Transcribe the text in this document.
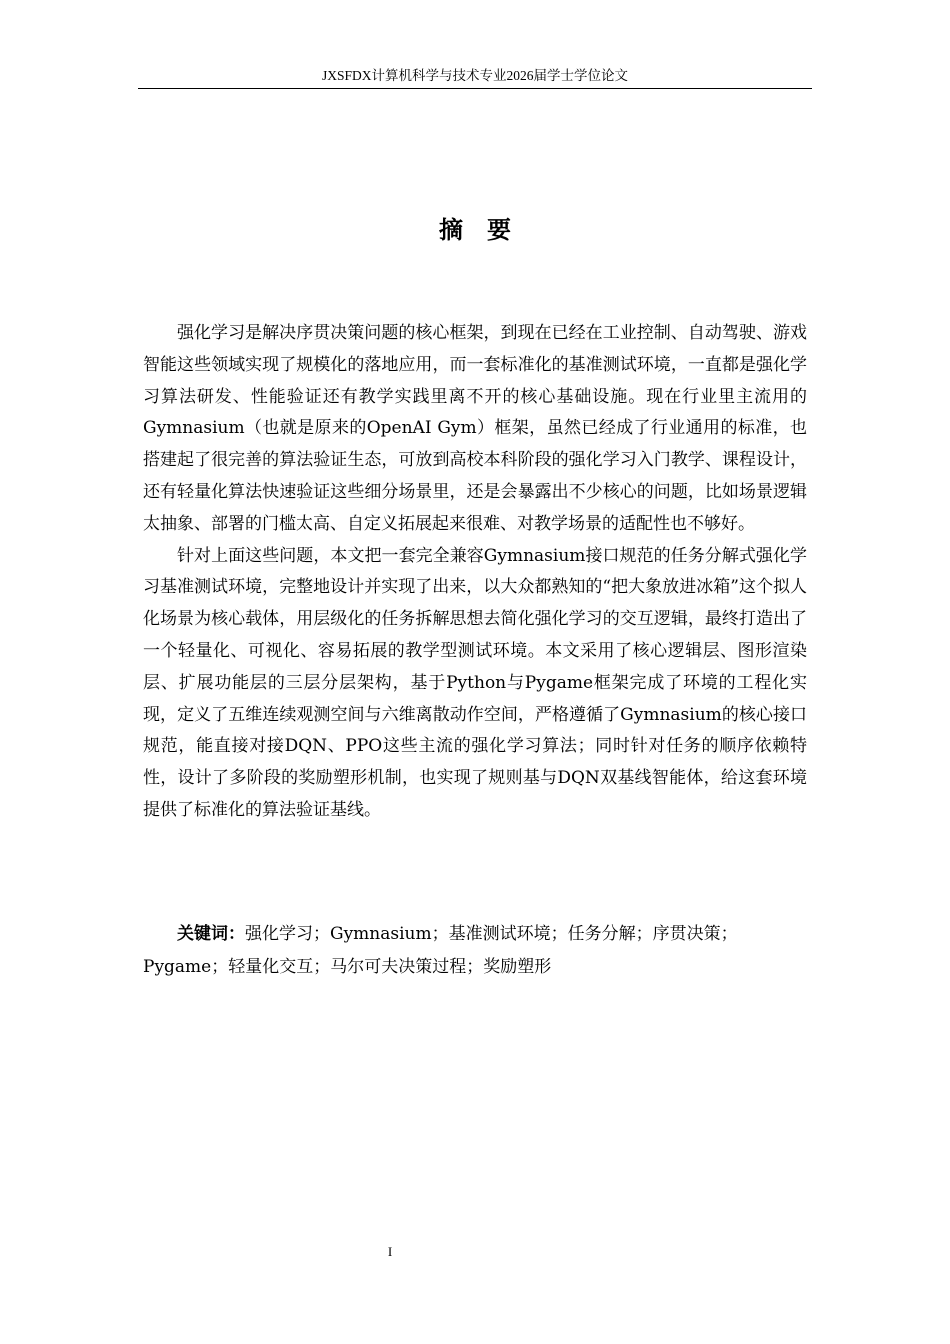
JXSFDX计算机科学与技术专业2026届学士学位论文
摘要

强化学习是解决序贯决策问题的核心框架，到现在已经在工业控制、自动驾驶、游戏智能这些领域实现了规模化的落地应用，而一套标准化的基准测试环境，一直都是强化学习算法研发、性能验证还有教学实践里离不开的核心基础设施。现在行业里主流用的Gymnasium（也就是原来的OpenAI Gym）框架，虽然已经成了行业通用的标准，也搭建起了很完善的算法验证生态，可放到高校本科阶段的强化学习入门教学、课程设计，还有轻量化算法快速验证这些细分场景里，还是会暴露出不少核心的问题，比如场景逻辑太抽象、部署的门槛太高、自定义拓展起来很难、对教学场景的适配性也不够好。

针对上面这些问题，本文把一套完全兼容Gymnasium接口规范的任务分解式强化学习基准测试环境，完整地设计并实现了出来，以大众都熟知的“把大象放进冰箱”这个拟人化场景为核心载体，用层级化的任务拆解思想去简化强化学习的交互逻辑，最终打造出了一个轻量化、可视化、容易拓展的教学型测试环境。本文采用了核心逻辑层、图形渲染层、扩展功能层的三层分层架构，基于Python与Pygame框架完成了环境的工程化实现，定义了五维连续观测空间与六维离散动作空间，严格遵循了Gymnasium的核心接口规范，能直接对接DQN、PPO这些主流的强化学习算法；同时针对任务的顺序依赖特性，设计了多阶段的奖励塑形机制，也实现了规则基与DQN双基线智能体，给这套环境提供了标准化的算法验证基线。

关键词：强化学习；Gymnasium；基准测试环境；任务分解；序贯决策；Pygame；轻量化交互；马尔可夫决策过程；奖励塑形
I
